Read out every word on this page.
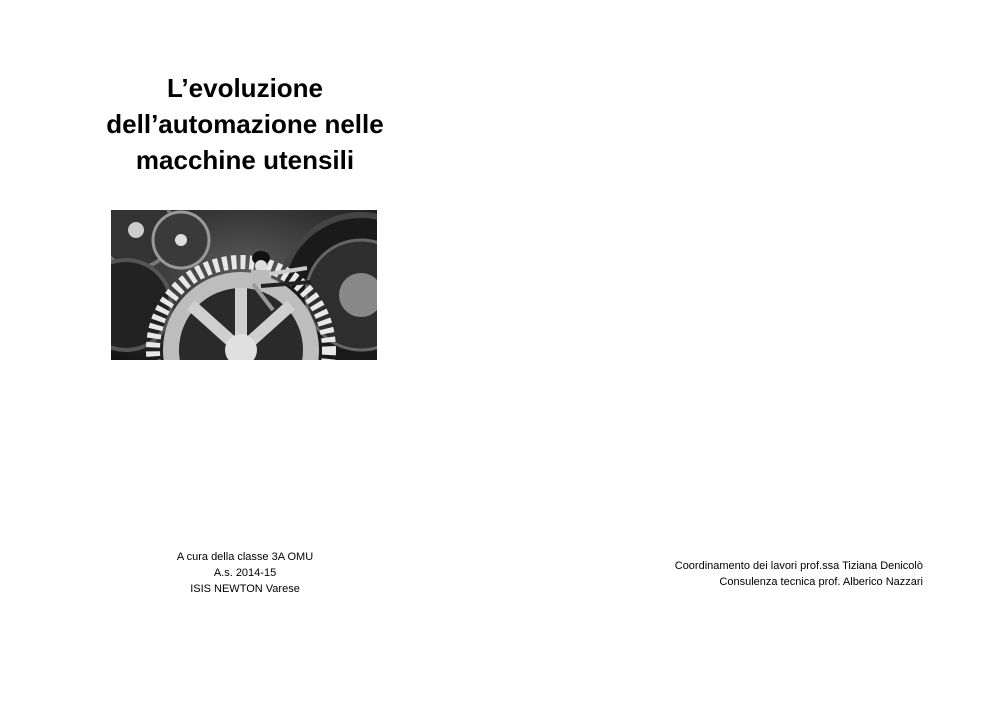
L’evoluzione
dell’automazione nelle
macchine utensili
A cura della classe 3A OMU
A.s. 2014-15
ISIS NEWTON Varese
Coordinamento dei lavori prof.ssa Tiziana Denicolò
Consulenza tecnica prof. Alberico Nazzari
